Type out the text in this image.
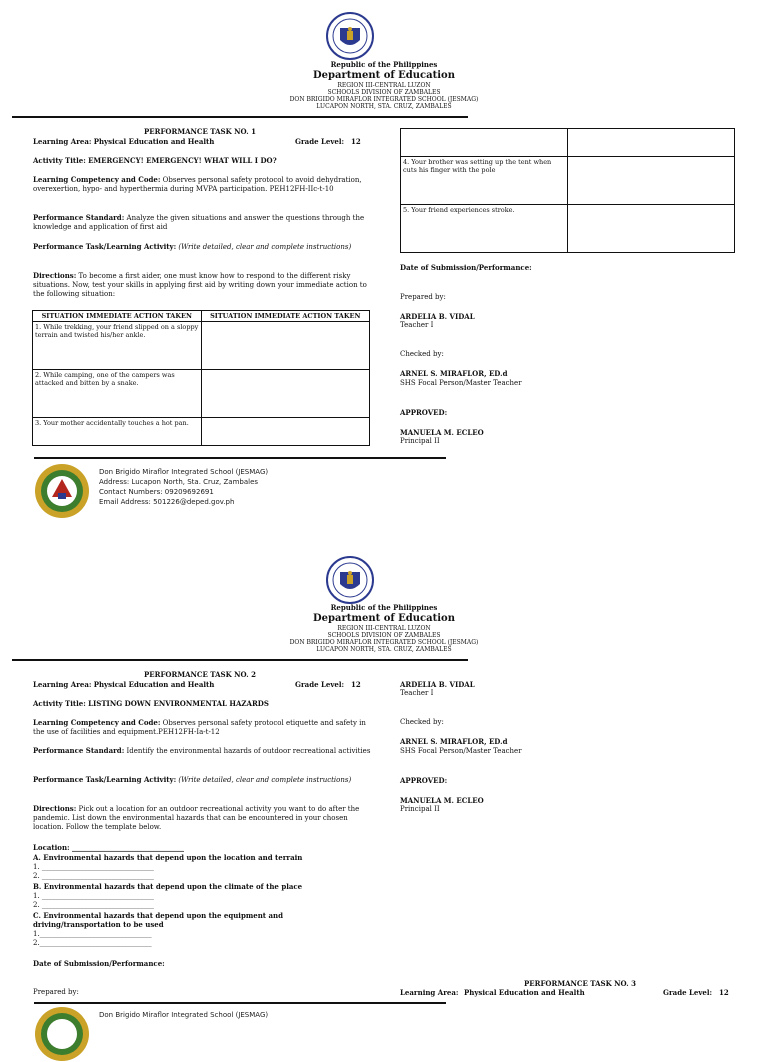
Republic of the Philippines
Department of Education
REGION III-CENTRAL LUZON
SCHOOLS DIVISION OF ZAMBALES
DON BRIGIDO MIRAFLOR INTEGRATED SCHOOL (JESMAG)
LUCAPON NORTH, STA. CRUZ, ZAMBALES
PERFORMANCE TASK NO. 1
Learning Area: Physical Education and Health	Grade Level: 12
Activity Title: EMERGENCY! EMERGENCY! WHAT WILL I DO?
Learning Competency and Code: Observes personal safety protocol to avoid dehydration, overexertion, hypo- and hyperthermia during MVPA participation. PEH12FH-IIc-t-10
Performance Standard: Analyze the given situations and answer the questions through the knowledge and application of first aid
Performance Task/Learning Activity: (Write detailed, clear and complete instructions)
Directions: To become a first aider, one must know how to respond to the different risky situations. Now, test your skills in applying first aid by writing down your immediate action to the following situation:
SITUATION IMMEDIATE ACTION TAKEN	SITUATION IMMEDIATE ACTION TAKEN
1. While trekking, your friend slipped on a sloppy terrain and twisted his/her ankle.	
2. While camping, one of the campers was attacked and bitten by a snake.	
3. Your mother accidentally touches a hot pan.	

4. Your brother was setting up the tent when cuts his finger with the pole	
5. Your friend experiences stroke.	
Date of Submission/Performance:
Prepared by:
ARDELIA B. VIDAL
Teacher I
Checked by:
ARNEL S. MIRAFLOR, ED.d
SHS Focal Person/Master Teacher
APPROVED:
MANUELA M. ECLEO
Principal II
Don Brigido Miraflor Integrated School (JESMAG)
Address: Lucapon North, Sta. Cruz, Zambales
Contact Numbers: 09209692691
Email Address: 501226@deped.gov.ph
Republic of the Philippines
Department of Education
REGION III-CENTRAL LUZON
SCHOOLS DIVISION OF ZAMBALES
DON BRIGIDO MIRAFLOR INTEGRATED SCHOOL (JESMAG)
LUCAPON NORTH, STA. CRUZ, ZAMBALES
PERFORMANCE TASK NO. 2
Learning Area: Physical Education and Health	Grade Level: 12
Activity Title: LISTING DOWN ENVIRONMENTAL HAZARDS
Learning Competency and Code: Observes personal safety protocol etiquette and safety in the use of facilities and equipment.PEH12FH-Ia-t-12
Performance Standard: Identify the environmental hazards of outdoor recreational activities
Performance Task/Learning Activity: (Write detailed, clear and complete instructions)
Directions: Pick out a location for an outdoor recreational activity you want to do after the pandemic. List down the environmental hazards that can be encountered in your chosen location. Follow the template below.
Location: ________________________________
A. Environmental hazards that depend upon the location and terrain
1. ________________________________
2. ________________________________
B. Environmental hazards that depend upon the climate of the place
1. ________________________________
2. ________________________________
C. Environmental hazards that depend upon the equipment and driving/transportation to be used
1.________________________________
2.________________________________
Date of Submission/Performance:
Prepared by:
ARDELIA B. VIDAL
Teacher I
Checked by:
ARNEL S. MIRAFLOR, ED.d
SHS Focal Person/Master Teacher
APPROVED:
MANUELA M. ECLEO
Principal II
PERFORMANCE TASK NO. 3
Learning Area: Physical Education and Health	Grade Level: 12
Don Brigido Miraflor Integrated School (JESMAG)
